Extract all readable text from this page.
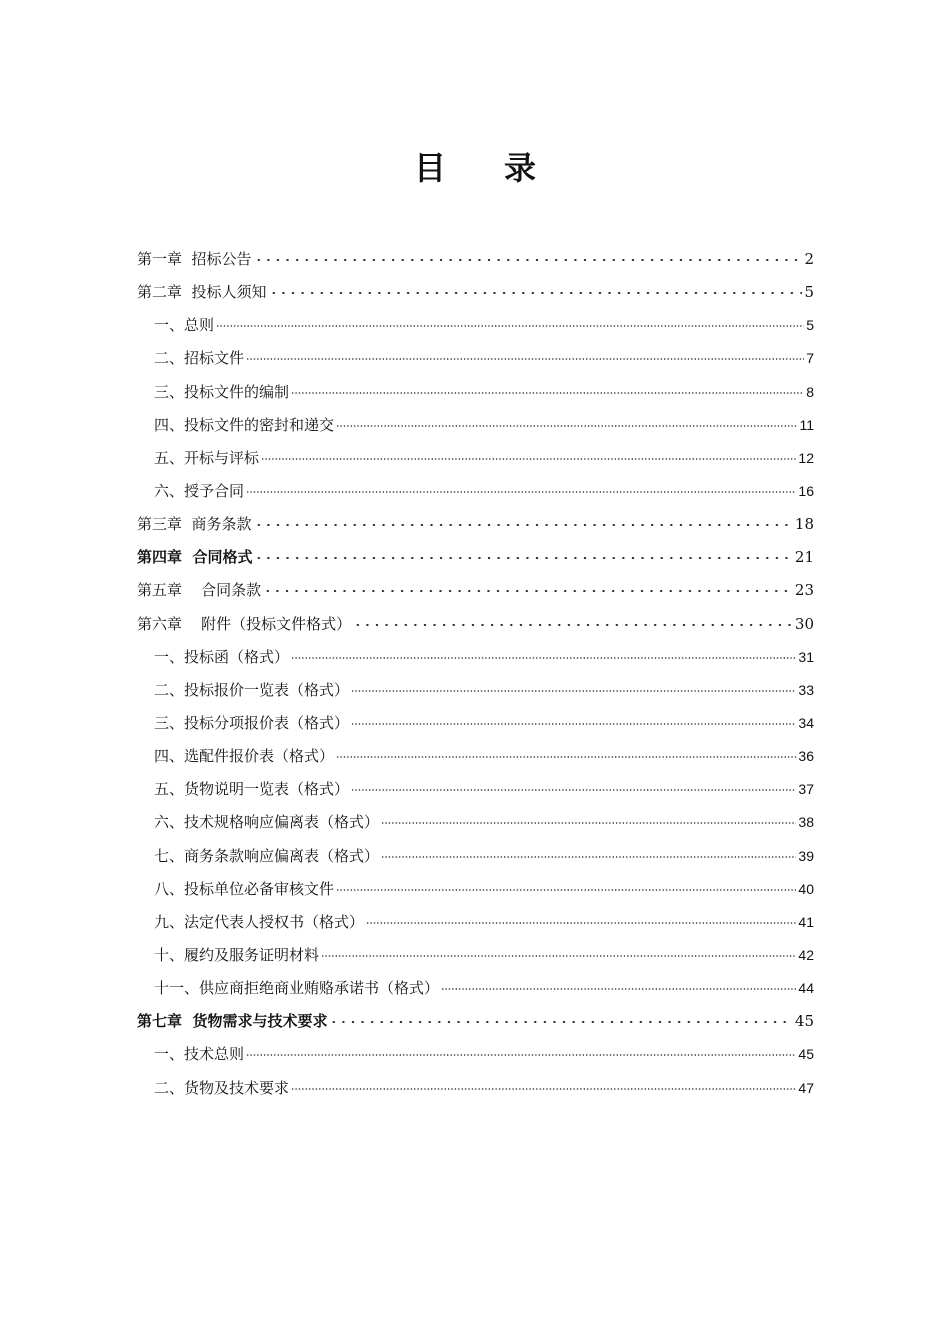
目 录
第一章  招标公告	2
第二章  投标人须知	5
一、总则	5
二、招标文件	7
三、投标文件的编制	8
四、投标文件的密封和递交	11
五、开标与评标	12
六、授予合同	16
第三章  商务条款	18
第四章  合同格式	21
第五章    合同条款	23
第六章    附件（投标文件格式）	30
一、投标函（格式）	31
二、投标报价一览表（格式）	33
三、投标分项报价表（格式）	34
四、选配件报价表（格式）	36
五、货物说明一览表（格式）	37
六、技术规格响应偏离表（格式）	38
七、商务条款响应偏离表（格式）	39
八、投标单位必备审核文件	40
九、法定代表人授权书（格式）	41
十、履约及服务证明材料	42
十一、供应商拒绝商业贿赂承诺书（格式）	44
第七章  货物需求与技术要求	45
一、技术总则	45
二、货物及技术要求	47
